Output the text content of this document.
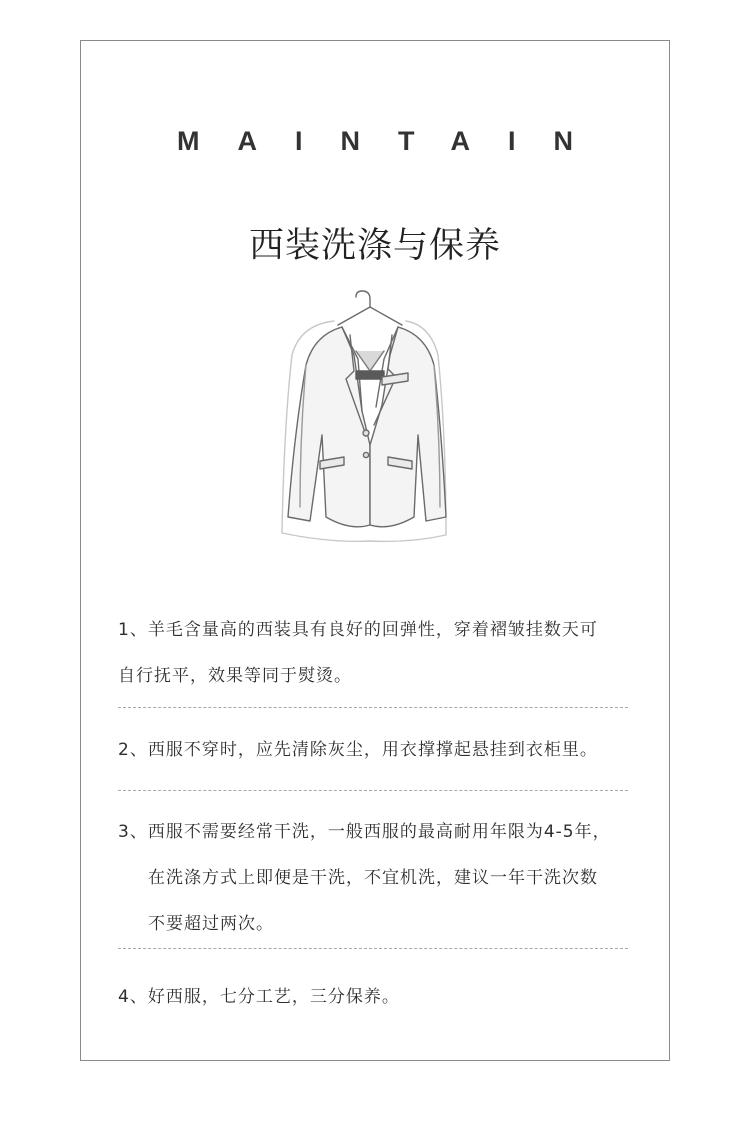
MAINTAIN
西装洗涤与保养
1、羊毛含量高的西装具有良好的回弹性，穿着褶皱挂数天可
自行抚平，效果等同于熨烫。
2、西服不穿时，应先清除灰尘，用衣撑撑起悬挂到衣柜里。
3、西服不需要经常干洗，一般西服的最高耐用年限为4-5年，
在洗涤方式上即便是干洗，不宜机洗，建议一年干洗次数
不要超过两次。
4、好西服，七分工艺，三分保养。
